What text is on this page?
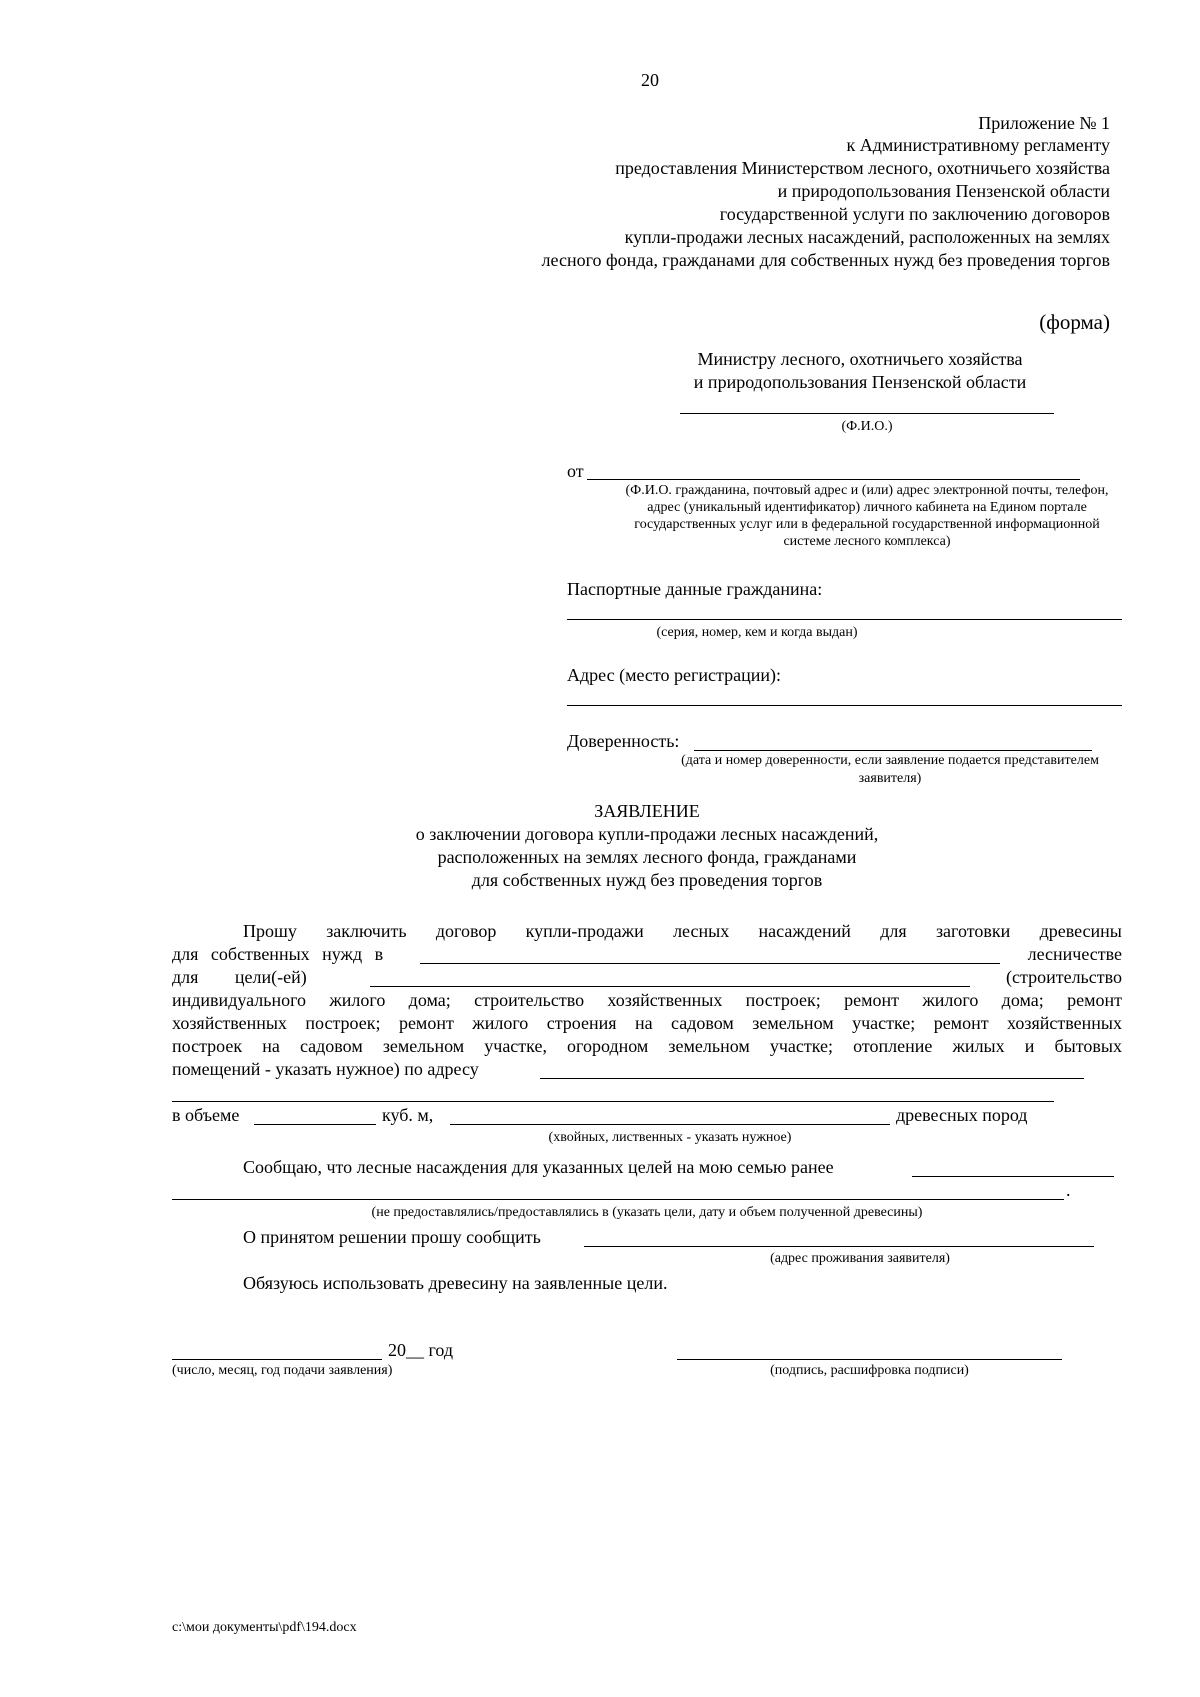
20
Приложение № 1
к Административному регламенту
предоставления Министерством лесного, охотничьего хозяйства
и природопользования Пензенской области
государственной услуги по заключению договоров
купли-продажи лесных насаждений, расположенных на землях
лесного фонда, гражданами для собственных нужд без проведения торгов
(форма)
Министру лесного, охотничьего хозяйства
и природопользования Пензенской области
(Ф.И.О.)
от
(Ф.И.О. гражданина, почтовый адрес и (или) адрес электронной почты, телефон,
адрес (уникальный идентификатор) личного кабинета на Едином портале
государственных услуг или в федеральной государственной информационной
системе лесного комплекса)
Паспортные данные гражданина:
(серия, номер, кем и когда выдан)
Адрес (место регистрации):
Доверенность:
(дата и номер доверенности, если заявление подается представителем
заявителя)
ЗАЯВЛЕНИЕ
о заключении договора купли-продажи лесных насаждений,
расположенных на землях лесного фонда, гражданами
для собственных нужд без проведения торгов
Прошу заключить договор купли-продажи лесных насаждений для заготовки древесины
для собственных нужд в	лесничестве
для цели(-ей)	(строительство
индивидуального жилого дома; строительство хозяйственных построек; ремонт жилого дома; ремонт
хозяйственных построек; ремонт жилого строения на садовом земельном участке; ремонт хозяйственных
построек на садовом земельном участке, огородном земельном участке; отопление жилых и бытовых
помещений - указать нужное) по адресу
в объеме	куб. м,	древесных пород
(хвойных, лиственных - указать нужное)
Сообщаю, что лесные насаждения для указанных целей на мою семью ранее
.
(не предоставлялись/предоставлялись в (указать цели, дату и объем полученной древесины)
О принятом решении прошу сообщить
(адрес проживания заявителя)
Обязуюсь использовать древесину на заявленные цели.
20__ год
(число, месяц, год подачи заявления)	(подпись, расшифровка подписи)
c:\мои документы\pdf\194.docx
